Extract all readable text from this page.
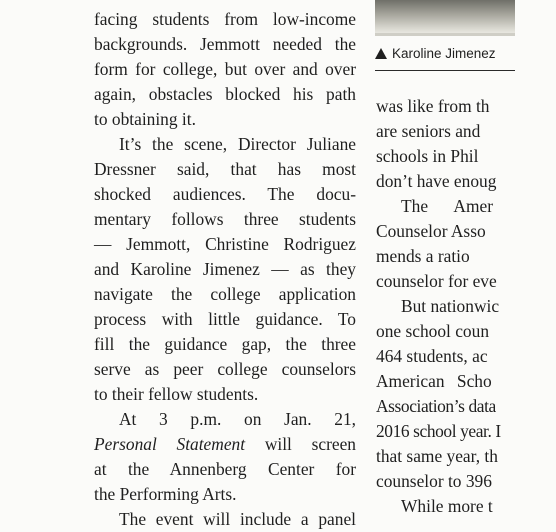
facing students from low-income
backgrounds. Jemmott needed the
form for college, but over and over
again, obstacles blocked his path
to obtaining it.
It’s the scene, Director Juliane
Dressner said, that has most
shocked audiences. The docu-
mentary follows three students
— Jemmott, Christine Rodriguez
and Karoline Jimenez — as they
navigate the college application
process with little guidance. To
fill the guidance gap, the three
serve as peer college counselors
to their fellow students.
At 3 p.m. on Jan. 21,
Personal Statement will screen
at the Annenberg Center for
the Performing Arts.
The event will include a panel
Karoline Jimenez
was like from th
are seniors and
schools in Phil
don’t have enoug
The Amer
Counselor Asso
mends a ratio
counselor for eve
But nationwic
one school coun
464 students, ac
American Scho
Association’s data
2016 school year. I
that same year, th
counselor to 396
While more t
